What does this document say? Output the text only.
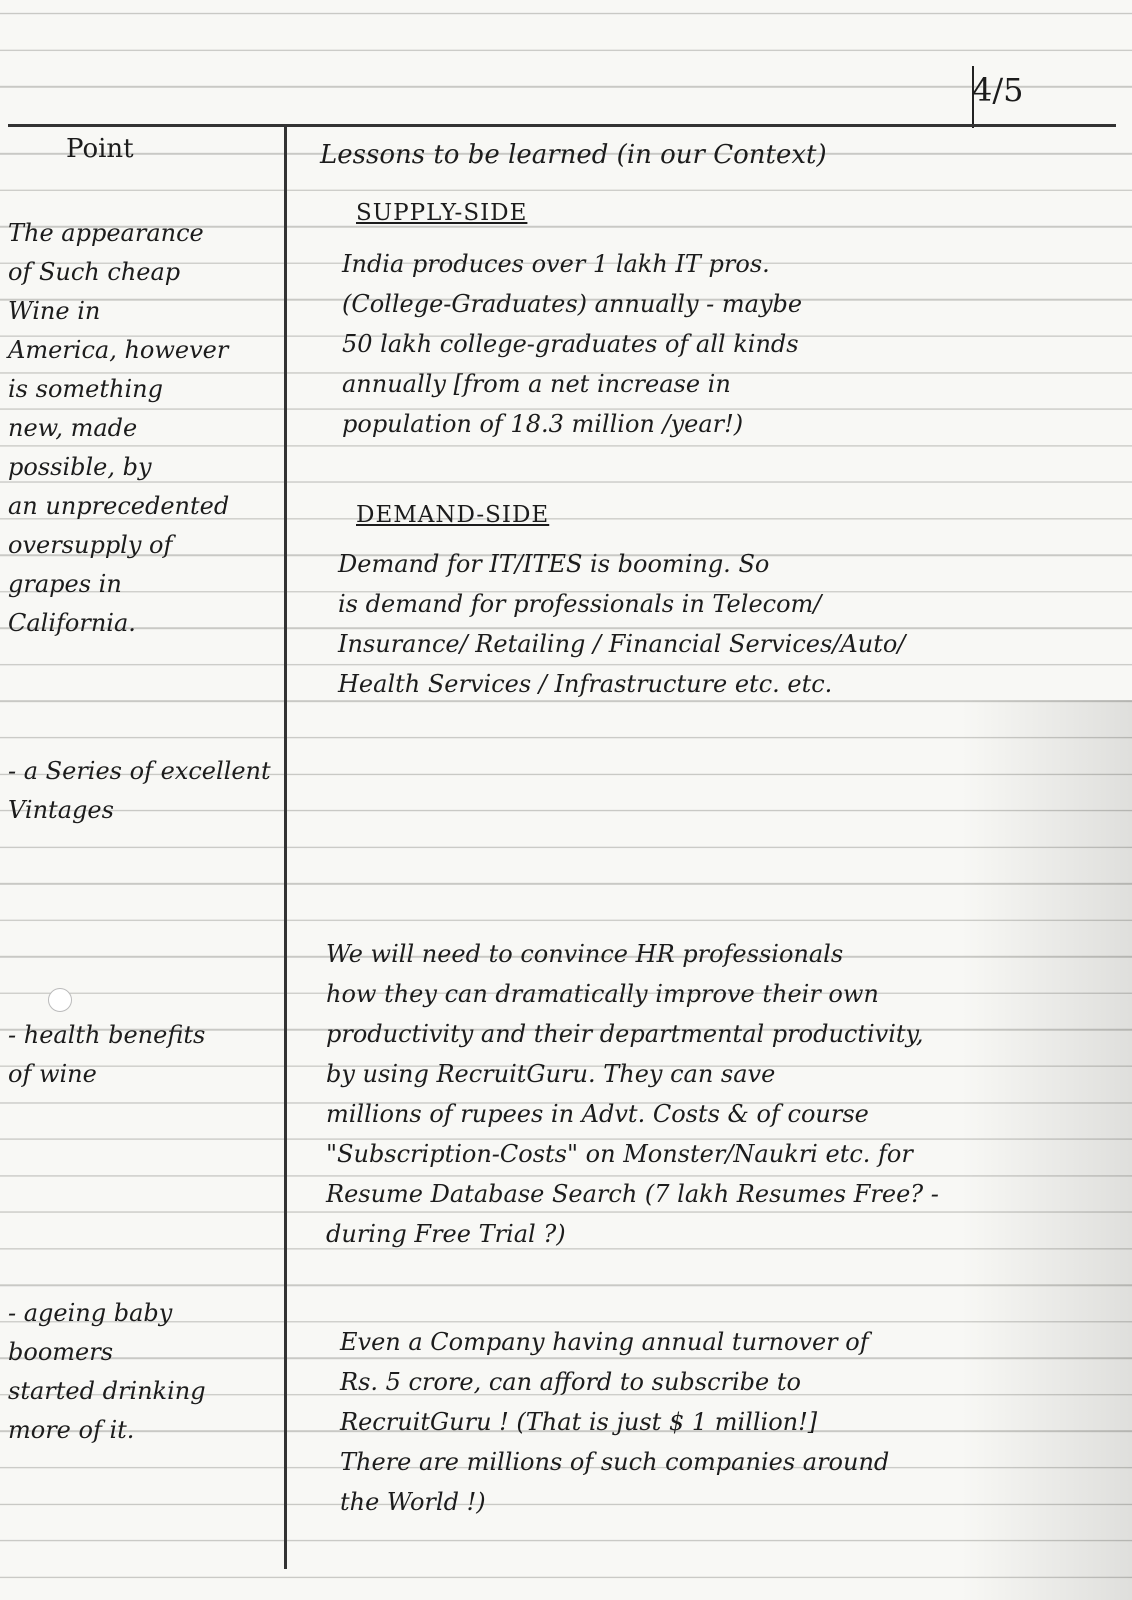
4/5
Point	Lessons to be learned (in our Context)
The appearance
of Such cheap
Wine in
America, however
is something
new, made
possible, by
an unprecedented
oversupply of
grapes in
California.
- a Series of excellent
Vintages
- health benefits
of wine
- ageing baby boomers
started drinking
more of it.
SUPPLY-SIDE
India produces over 1 lakh IT pros.
(College-Graduates) annually - maybe
50 lakh college-graduates of all kinds
annually [from a net increase in
population of 18.3 million /year!)
DEMAND-SIDE
Demand for IT/ITES is booming. So
is demand for professionals in Telecom/
Insurance/ Retailing / Financial Services/Auto/
Health Services / Infrastructure etc. etc.
We will need to convince HR professionals
how they can dramatically improve their own
productivity and their departmental productivity,
by using RecruitGuru. They can save
millions of rupees in Advt. Costs & of course
"Subscription-Costs" on Monster/Naukri etc. for
Resume Database Search (7 lakh Resumes Free? -
during Free Trial ?)
Even a Company having annual turnover of
Rs. 5 crore, can afford to subscribe to
RecruitGuru ! (That is just $ 1 million!]
There are millions of such companies around
the World !)
